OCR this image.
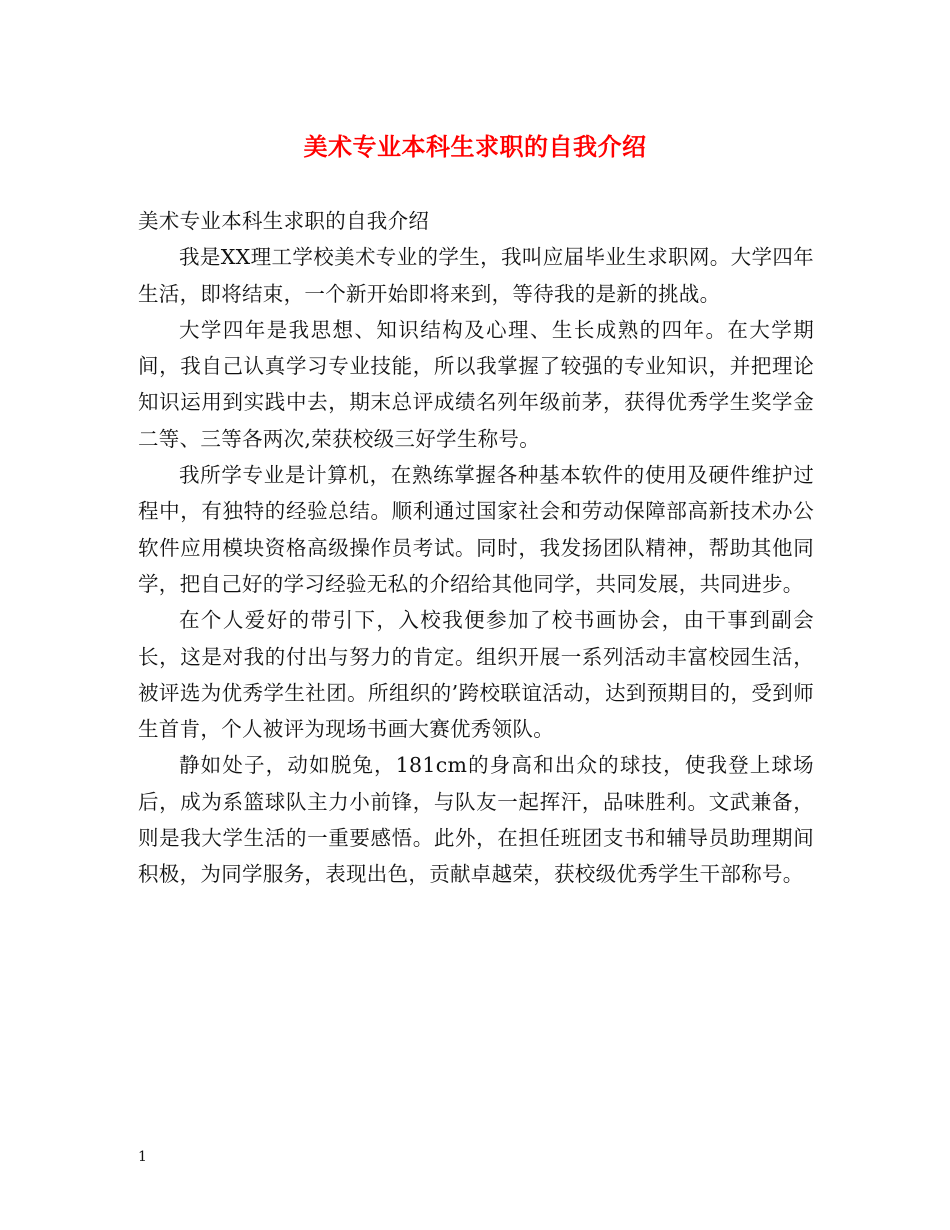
美术专业本科生求职的自我介绍

美术专业本科生求职的自我介绍

我是XX理工学校美术专业的学生，我叫应届毕业生求职网。大学四年生活，即将结束，一个新开始即将来到，等待我的是新的挑战。

大学四年是我思想、知识结构及心理、生长成熟的四年。在大学期间，我自己认真学习专业技能，所以我掌握了较强的专业知识，并把理论知识运用到实践中去，期末总评成绩名列年级前茅，获得优秀学生奖学金二等、三等各两次,荣获校级三好学生称号。

我所学专业是计算机，在熟练掌握各种基本软件的使用及硬件维护过程中，有独特的经验总结。顺利通过国家社会和劳动保障部高新技术办公软件应用模块资格高级操作员考试。同时，我发扬团队精神，帮助其他同学，把自己好的学习经验无私的介绍给其他同学，共同发展，共同进步。

在个人爱好的带引下，入校我便参加了校书画协会，由干事到副会长，这是对我的付出与努力的肯定。组织开展一系列活动丰富校园生活，被评选为优秀学生社团。所组织的’跨校联谊活动，达到预期目的，受到师生首肯，个人被评为现场书画大赛优秀领队。

静如处子，动如脱兔，181cm的身高和出众的球技，使我登上球场后，成为系篮球队主力小前锋，与队友一起挥汗，品味胜利。文武兼备，则是我大学生活的一重要感悟。此外，在担任班团支书和辅导员助理期间积极，为同学服务，表现出色，贡献卓越荣，获校级优秀学生干部称号。

1
